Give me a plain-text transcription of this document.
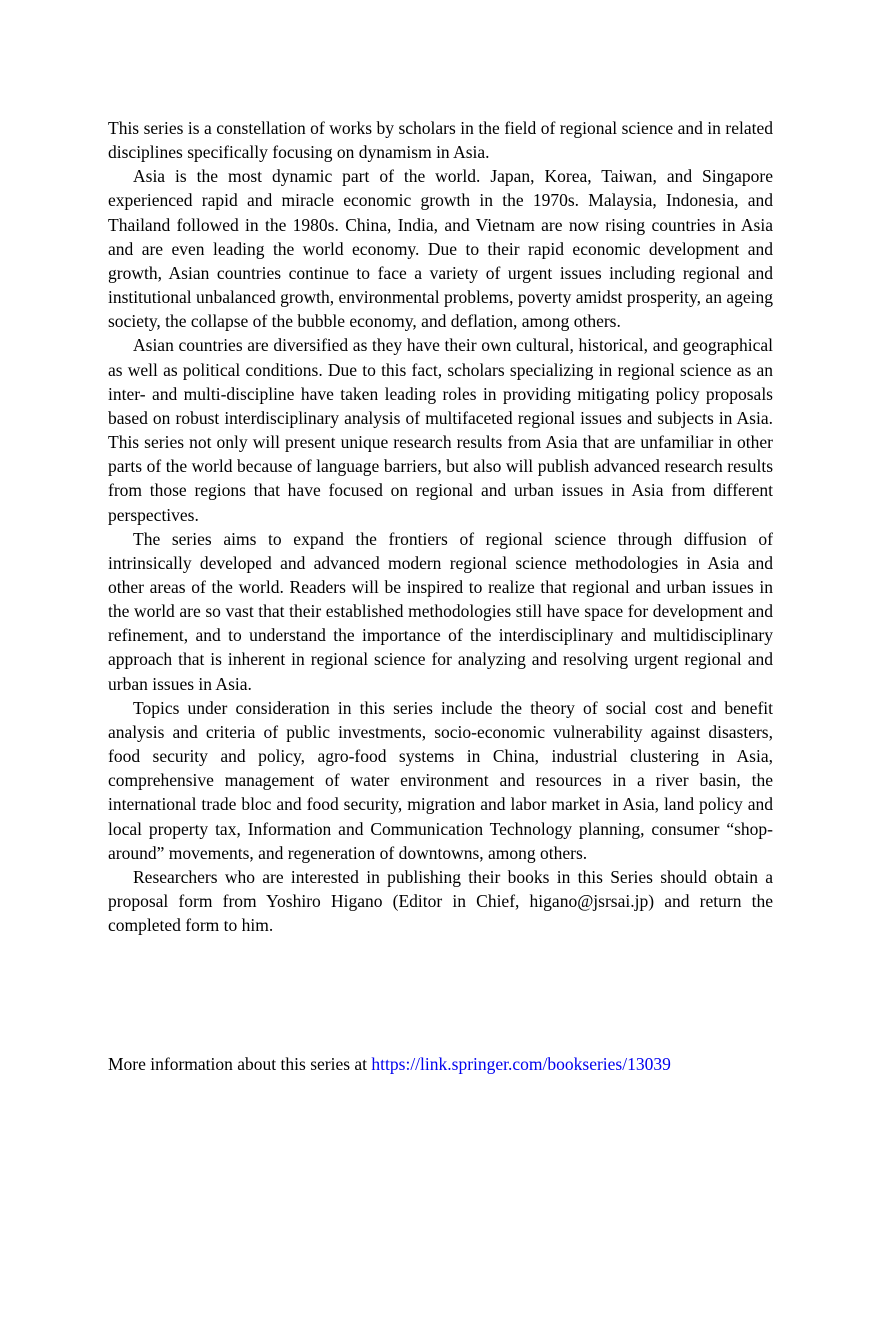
This series is a constellation of works by scholars in the field of regional science and in related disciplines specifically focusing on dynamism in Asia.

Asia is the most dynamic part of the world. Japan, Korea, Taiwan, and Singapore experienced rapid and miracle economic growth in the 1970s. Malaysia, Indonesia, and Thailand followed in the 1980s. China, India, and Vietnam are now rising countries in Asia and are even leading the world economy. Due to their rapid economic development and growth, Asian countries continue to face a variety of urgent issues including regional and institutional unbalanced growth, environmental problems, poverty amidst prosperity, an ageing society, the collapse of the bubble economy, and deflation, among others.

Asian countries are diversified as they have their own cultural, historical, and geographical as well as political conditions. Due to this fact, scholars specializing in regional science as an inter- and multi-discipline have taken leading roles in providing mitigating policy proposals based on robust interdisciplinary analysis of multifaceted regional issues and subjects in Asia. This series not only will present unique research results from Asia that are unfamiliar in other parts of the world because of language barriers, but also will publish advanced research results from those regions that have focused on regional and urban issues in Asia from different perspectives.

The series aims to expand the frontiers of regional science through diffusion of intrinsically developed and advanced modern regional science methodologies in Asia and other areas of the world. Readers will be inspired to realize that regional and urban issues in the world are so vast that their established methodologies still have space for development and refinement, and to understand the importance of the interdisciplinary and multidisciplinary approach that is inherent in regional science for analyzing and resolving urgent regional and urban issues in Asia.

Topics under consideration in this series include the theory of social cost and benefit analysis and criteria of public investments, socio-economic vulnerability against disasters, food security and policy, agro-food systems in China, industrial clustering in Asia, comprehensive management of water environment and resources in a river basin, the international trade bloc and food security, migration and labor market in Asia, land policy and local property tax, Information and Communication Technology planning, consumer “shop-around” movements, and regeneration of downtowns, among others.

Researchers who are interested in publishing their books in this Series should obtain a proposal form from Yoshiro Higano (Editor in Chief, higano@jsrsai.jp) and return the completed form to him.

More information about this series at https://link.springer.com/bookseries/13039
